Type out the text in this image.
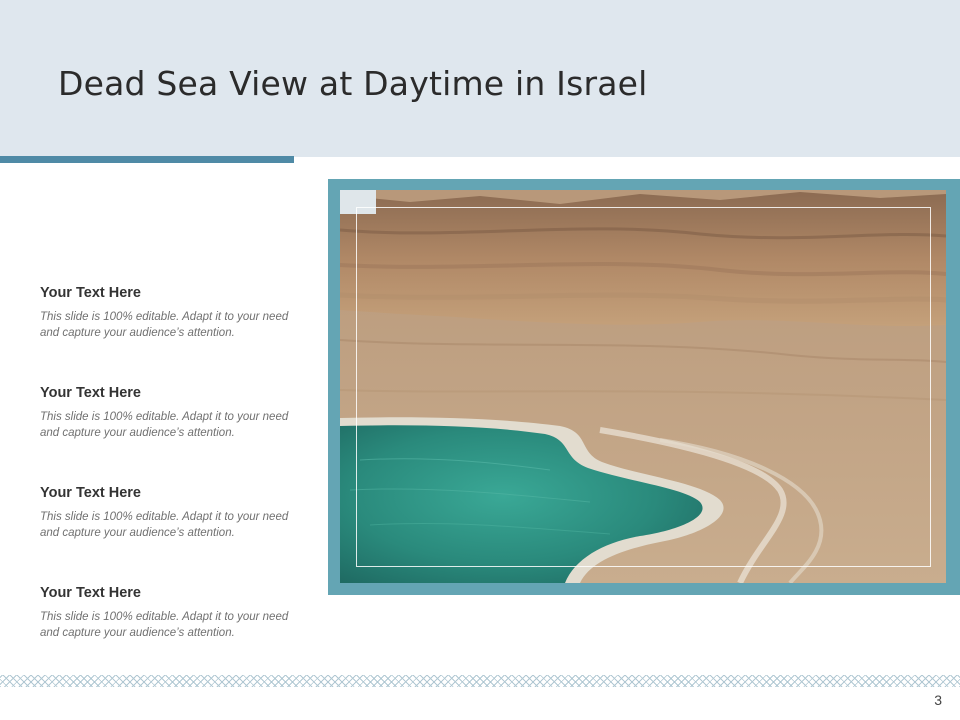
Dead Sea View at Daytime in Israel
Your Text Here
This slide is 100% editable. Adapt it to your need and capture your audience’s attention.
Your Text Here
This slide is 100% editable. Adapt it to your need and capture your audience’s attention.
Your Text Here
This slide is 100% editable. Adapt it to your need and capture your audience’s attention.
Your Text Here
This slide is 100% editable. Adapt it to your need and capture your audience’s attention.
3
